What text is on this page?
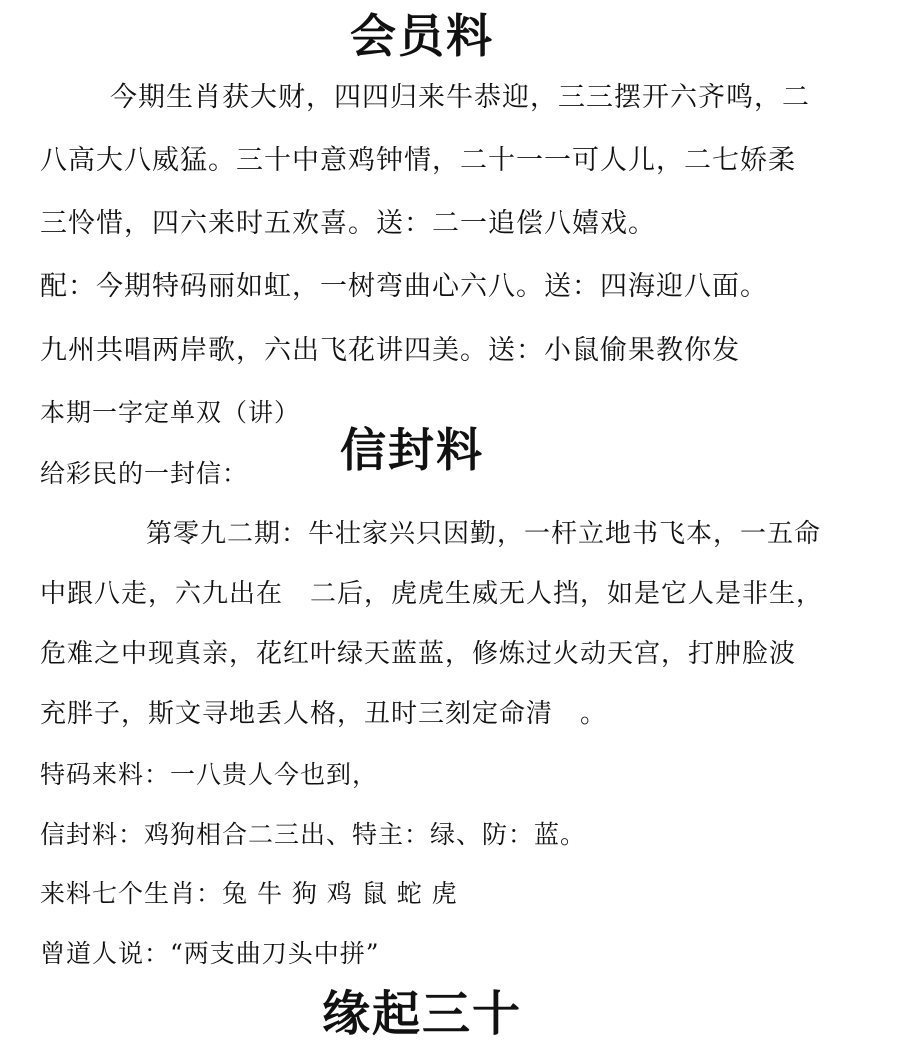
会员料
今期生肖获大财，四四归来牛恭迎，三三摆开六齐鸣，二
八高大八威猛。三十中意鸡钟情，二十一一可人儿，二七娇柔
三怜惜，四六来时五欢喜。送：二一追偿八嬉戏。
配：今期特码丽如虹，一树弯曲心六八。送：四海迎八面。
九州共唱两岸歌，六出飞花讲四美。送：小鼠偷果教你发
本期一字定单双（讲）
信封料
给彩民的一封信：
第零九二期：牛壮家兴只因勤，一杆立地书飞本，一五命
中跟八走，六九出在　二后，虎虎生威无人挡，如是它人是非生，
危难之中现真亲，花红叶绿天蓝蓝，修炼过火动天宫，打肿脸波
充胖子，斯文寻地丢人格，丑时三刻定命清　。
特码来料：一八贵人今也到，
信封料：鸡狗相合二三出、特主：绿、防：蓝。
来料七个生肖：兔 牛 狗 鸡 鼠 蛇 虎
曾道人说：“两支曲刀头中拼”
缘起三十
